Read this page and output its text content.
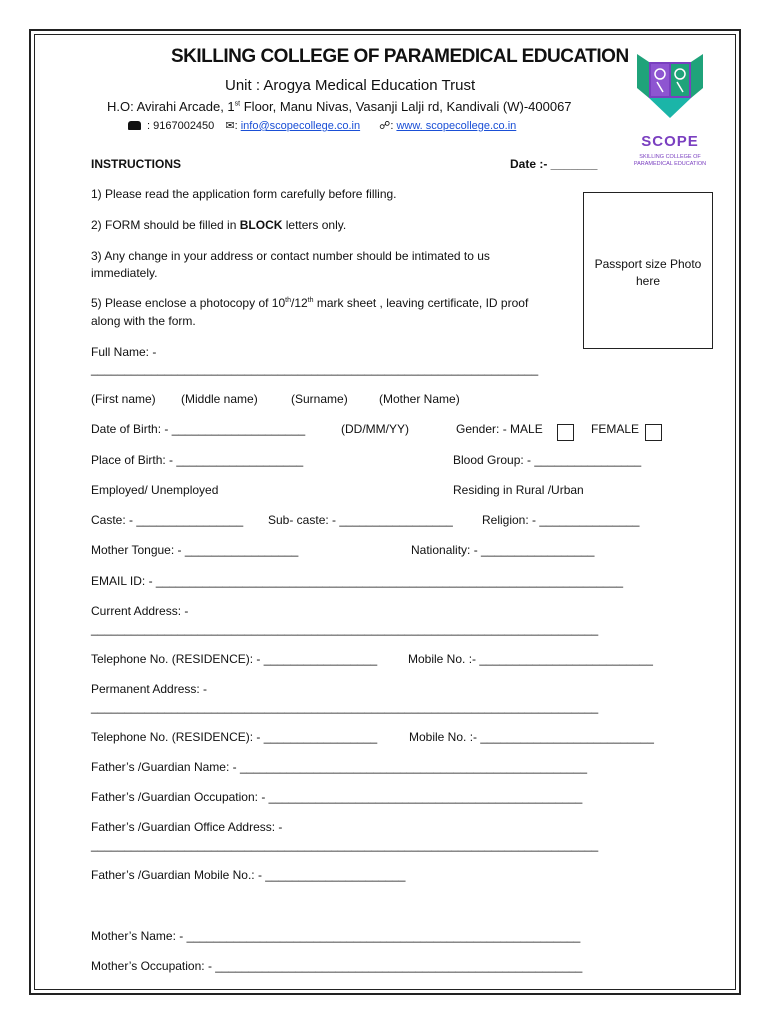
SKILLING COLLEGE OF PARAMEDICAL EDUCATION
Unit : Arogya Medical Education Trust
H.O: Avirahi Arcade, 1st Floor, Manu Nivas, Vasanji Lalji rd, Kandivali (W)-400067
: 9167002450 ✉: info@scopecollege.co.in ☍: www. scopecollege.co.in
SCOPE
SKILLING COLLEGE OF
PARAMEDICAL EDUCATION
INSTRUCTIONS	Date :- _______
1) Please read the application form carefully before filling.
2) FORM should be filled in BLOCK letters only.
3) Any change in your address or contact number should be intimated to us
immediately.
5) Please enclose a photocopy of 10th/12th mark sheet , leaving certificate, ID proof
along with the form.
Passport size Photo here
Full Name: -
___________________________________________________________________
(First name) (Middle name)	(Surname)	(Mother Name)
Date of Birth: - ____________________	(DD/MM/YY)	Gender: - MALE	FEMALE
Place of Birth: - ___________________	Blood Group: - ________________
Employed/ Unemployed	Residing in Rural /Urban
Caste: - ________________ Sub- caste: - _________________ Religion: - _______________
Mother Tongue: - _________________	Nationality: - _________________
EMAIL ID: - ______________________________________________________________________
Current Address: -
____________________________________________________________________________
Telephone No. (RESIDENCE): - _________________	Mobile No. :- __________________________
Permanent Address: -
____________________________________________________________________________
Telephone No. (RESIDENCE): - _________________	Mobile No. :- __________________________
Father’s /Guardian Name: - ____________________________________________________
Father’s /Guardian Occupation: - _______________________________________________
Father’s /Guardian Office Address: -
____________________________________________________________________________
Father’s /Guardian Mobile No.: - _____________________
Mother’s Name: - ___________________________________________________________
Mother’s Occupation: - _______________________________________________________
